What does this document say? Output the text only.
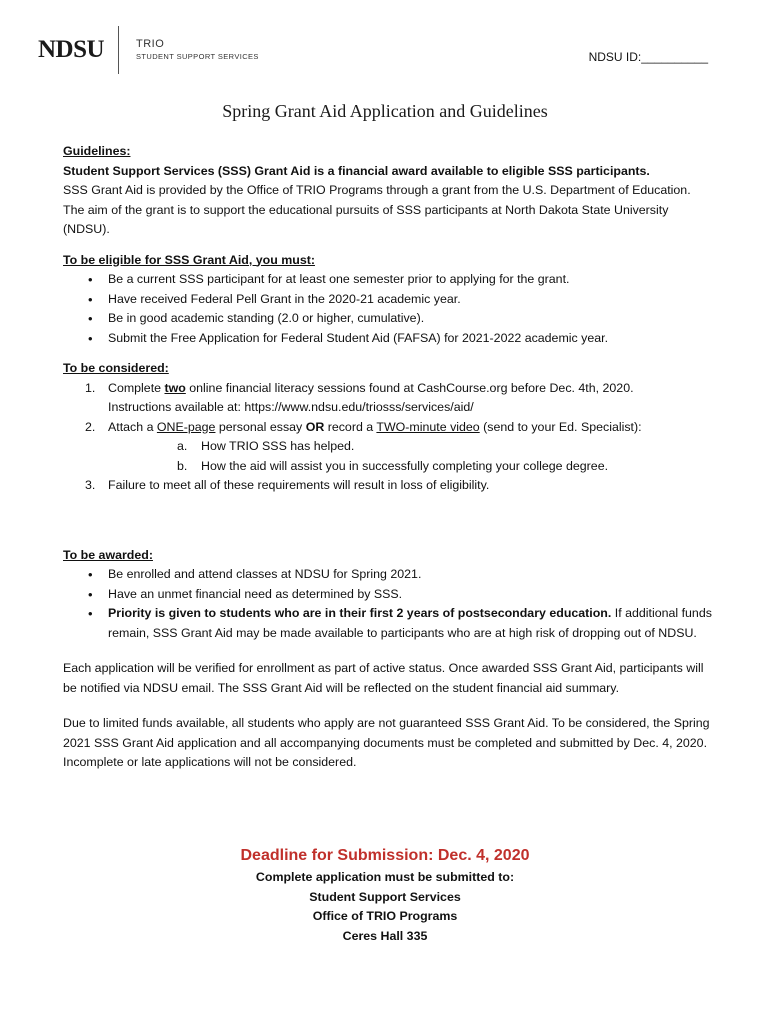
NDSU	TRIO
STUDENT SUPPORT SERVICES	NDSU ID:__________
Spring Grant Aid Application and Guidelines

Guidelines:

Student Support Services (SSS) Grant Aid is a financial award available to eligible SSS participants.

SSS Grant Aid is provided by the Office of TRIO Programs through a grant from the U.S. Department of Education. The aim of the grant is to support the educational pursuits of SSS participants at North Dakota State University (NDSU).

To be eligible for SSS Grant Aid, you must:

• Be a current SSS participant for at least one semester prior to applying for the grant.
• Have received Federal Pell Grant in the 2020-21 academic year.
• Be in good academic standing (2.0 or higher, cumulative).
• Submit the Free Application for Federal Student Aid (FAFSA) for 2021-2022 academic year.

To be considered:

1. Complete two online financial literacy sessions found at CashCourse.org before Dec. 4th, 2020.
Instructions available at: https://www.ndsu.edu/triosss/services/aid/
2. Attach a ONE-page personal essay OR record a TWO-minute video (send to your Ed. Specialist):
a. How TRIO SSS has helped.
b. How the aid will assist you in successfully completing your college degree.
3. Failure to meet all of these requirements will result in loss of eligibility.

To be awarded:

• Be enrolled and attend classes at NDSU for Spring 2021.
• Have an unmet financial need as determined by SSS.
• Priority is given to students who are in their first 2 years of postsecondary education. If additional funds remain, SSS Grant Aid may be made available to participants who are at high risk of dropping out of NDSU.

Each application will be verified for enrollment as part of active status. Once awarded SSS Grant Aid, participants will be notified via NDSU email. The SSS Grant Aid will be reflected on the student financial aid summary.

Due to limited funds available, all students who apply are not guaranteed SSS Grant Aid. To be considered, the Spring 2021 SSS Grant Aid application and all accompanying documents must be completed and submitted by Dec. 4, 2020. Incomplete or late applications will not be considered.

Deadline for Submission: Dec. 4, 2020
Complete application must be submitted to:
Student Support Services
Office of TRIO Programs
Ceres Hall 335
